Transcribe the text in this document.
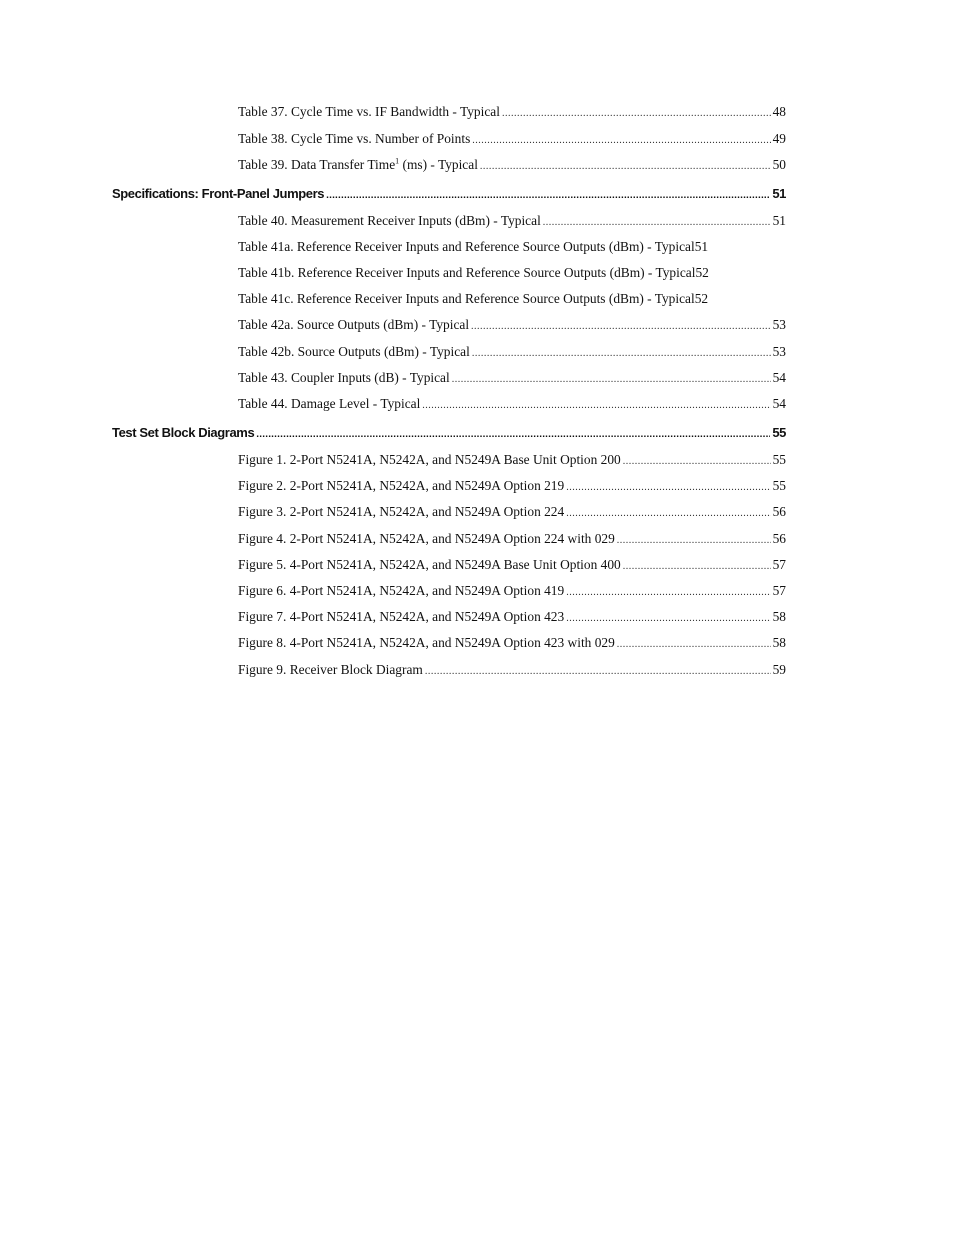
Table 37. Cycle Time vs. IF Bandwidth - Typical .....	48
Table 38. Cycle Time vs. Number of Points .....	49
Table 39. Data Transfer Time$^1$ (ms) - Typical .....	50
Specifications: Front-Panel Jumpers .....	51
Table 40. Measurement Receiver Inputs (dBm) - Typical .....	51
Table 41a. Reference Receiver Inputs and Reference Source Outputs (dBm) - Typical 51
Table 41b. Reference Receiver Inputs and Reference Source Outputs (dBm) - Typical 52
Table 41c. Reference Receiver Inputs and Reference Source Outputs (dBm) - Typical 52
Table 42a. Source Outputs (dBm) - Typical .....	53
Table 42b. Source Outputs (dBm) - Typical .....	53
Table 43. Coupler Inputs (dB) - Typical .....	54
Table 44. Damage Level - Typical .....	54
Test Set Block Diagrams .....	55
Figure 1. 2-Port N5241A, N5242A, and N5249A Base Unit Option 200 .....	55
Figure 2. 2-Port N5241A, N5242A, and N5249A Option 219 .....	55
Figure 3. 2-Port N5241A, N5242A, and N5249A Option 224 .....	56
Figure 4. 2-Port N5241A, N5242A, and N5249A Option 224 with 029 .....	56
Figure 5. 4-Port N5241A, N5242A, and N5249A Base Unit Option 400 .....	57
Figure 6. 4-Port N5241A, N5242A, and N5249A Option 419 .....	57
Figure 7. 4-Port N5241A, N5242A, and N5249A Option 423 .....	58
Figure 8. 4-Port N5241A, N5242A, and N5249A Option 423 with 029 .....	58
Figure 9. Receiver Block Diagram .....	59
